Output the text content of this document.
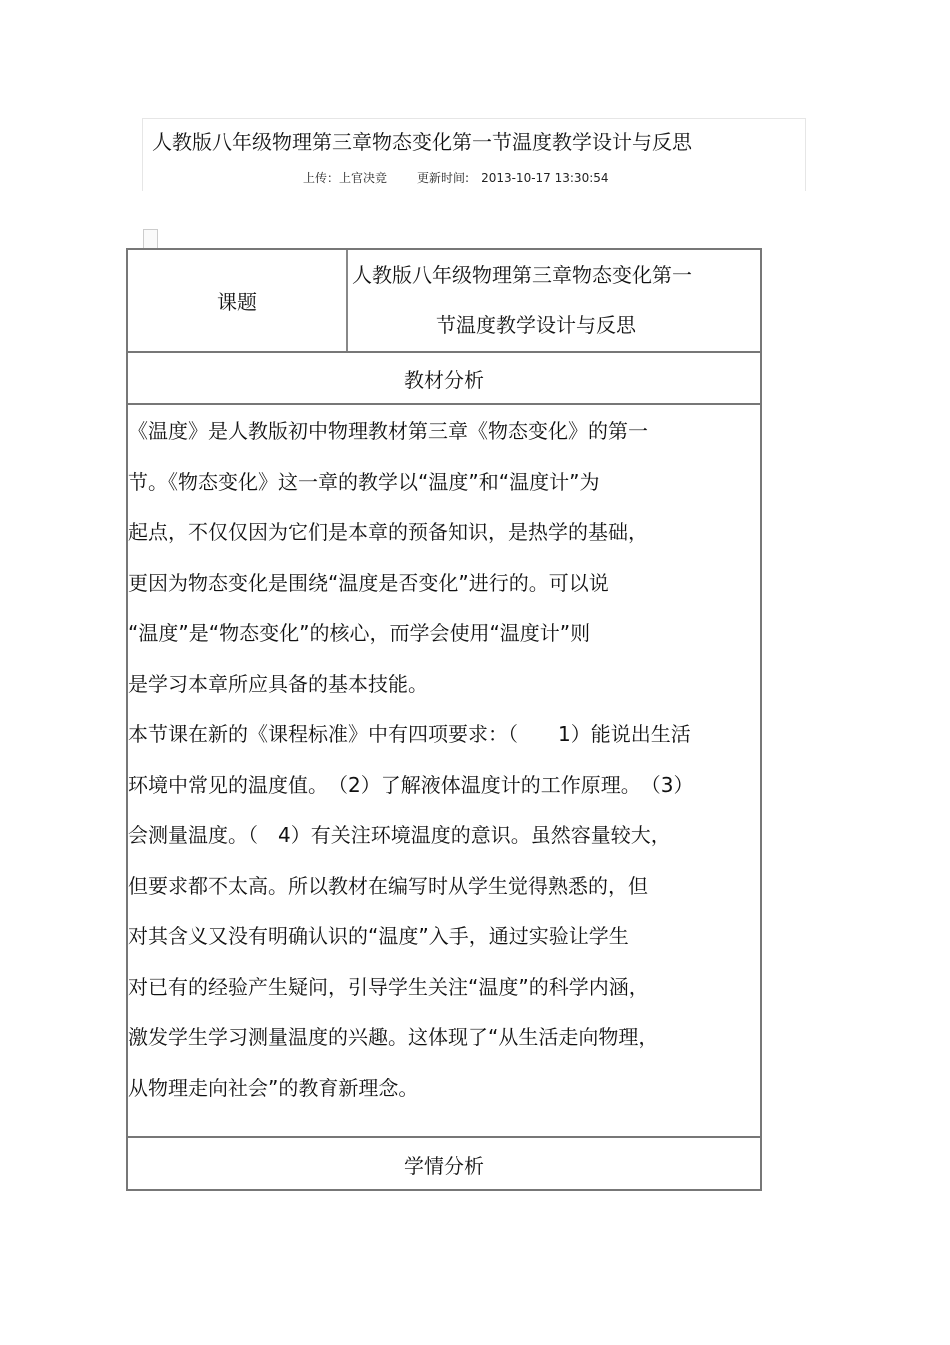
人教版八年级物理第三章物态变化第一节温度教学设计与反思
上传：上官决竞	更新时间: 2013-10-17 13:30:54
课题
人教版八年级物理第三章物态变化第一
节温度教学设计与反思
教材分析
《温度》是人教版初中物理教材第三章《物态变化》的第一
节。《物态变化》这一章的教学以“温度”和“温度计”为
起点，不仅仅因为它们是本章的预备知识，是热学的基础，
更因为物态变化是围绕“温度是否变化”进行的。可以说
“温度”是“物态变化”的核心，而学会使用“温度计”则
是学习本章所应具备的基本技能。
本节课在新的《课程标准》中有四项要求：（　　1）能说出生活
环境中常见的温度值。　（2）了解液体温度计的工作原理。　（3）
会测量温度。（　4）有关注环境温度的意识。虽然容量较大，
但要求都不太高。所以教材在编写时从学生觉得熟悉的，但
对其含义又没有明确认识的“温度”入手，通过实验让学生
对已有的经验产生疑问，引导学生关注“温度”的科学内涵，
激发学生学习测量温度的兴趣。这体现了“从生活走向物理，
从物理走向社会”的教育新理念。
学情分析
